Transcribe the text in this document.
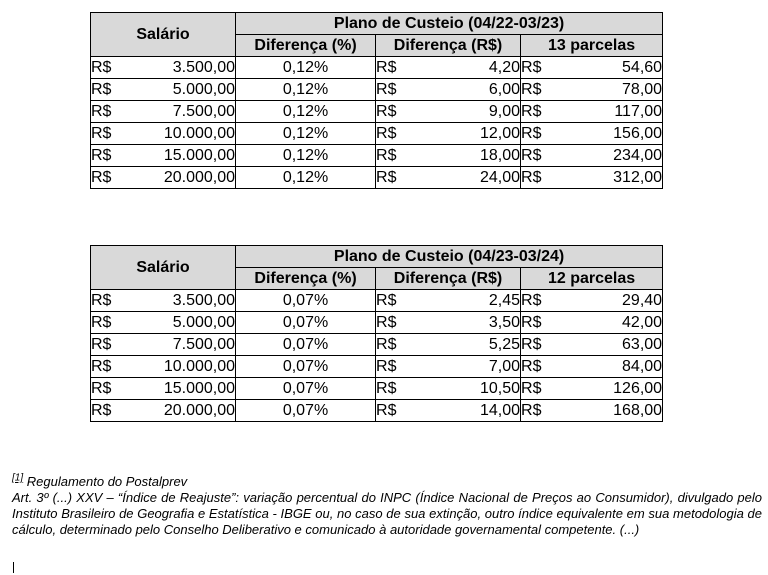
Salário		Plano de Custeio (04/22-03/23)				
		Diferença (%)	Diferença (R$)		13 parcelas	
R$	3.500,00	0,12%	R$	4,20	R$	54,60
R$	5.000,00	0,12%	R$	6,00	R$	78,00
R$	7.500,00	0,12%	R$	9,00	R$	117,00
R$	10.000,00	0,12%	R$	12,00	R$	156,00
R$	15.000,00	0,12%	R$	18,00	R$	234,00
R$	20.000,00	0,12%	R$	24,00	R$	312,00
Salário		Plano de Custeio (04/23-03/24)				
		Diferença (%)	Diferença (R$)		12 parcelas	
R$	3.500,00	0,07%	R$	2,45	R$	29,40
R$	5.000,00	0,07%	R$	3,50	R$	42,00
R$	7.500,00	0,07%	R$	5,25	R$	63,00
R$	10.000,00	0,07%	R$	7,00	R$	84,00
R$	15.000,00	0,07%	R$	10,50	R$	126,00
R$	20.000,00	0,07%	R$	14,00	R$	168,00
[1] Regulamento do Postalprev
Art. 3º (...) XXV – “Índice de Reajuste”: variação percentual do INPC (Índice Nacional de Preços ao Consumidor), divulgado pelo Instituto Brasileiro de Geografia e Estatística - IBGE ou, no caso de sua extinção, outro índice equivalente em sua metodologia de cálculo, determinado pelo Conselho Deliberativo e comunicado à autoridade governamental competente. (...)
